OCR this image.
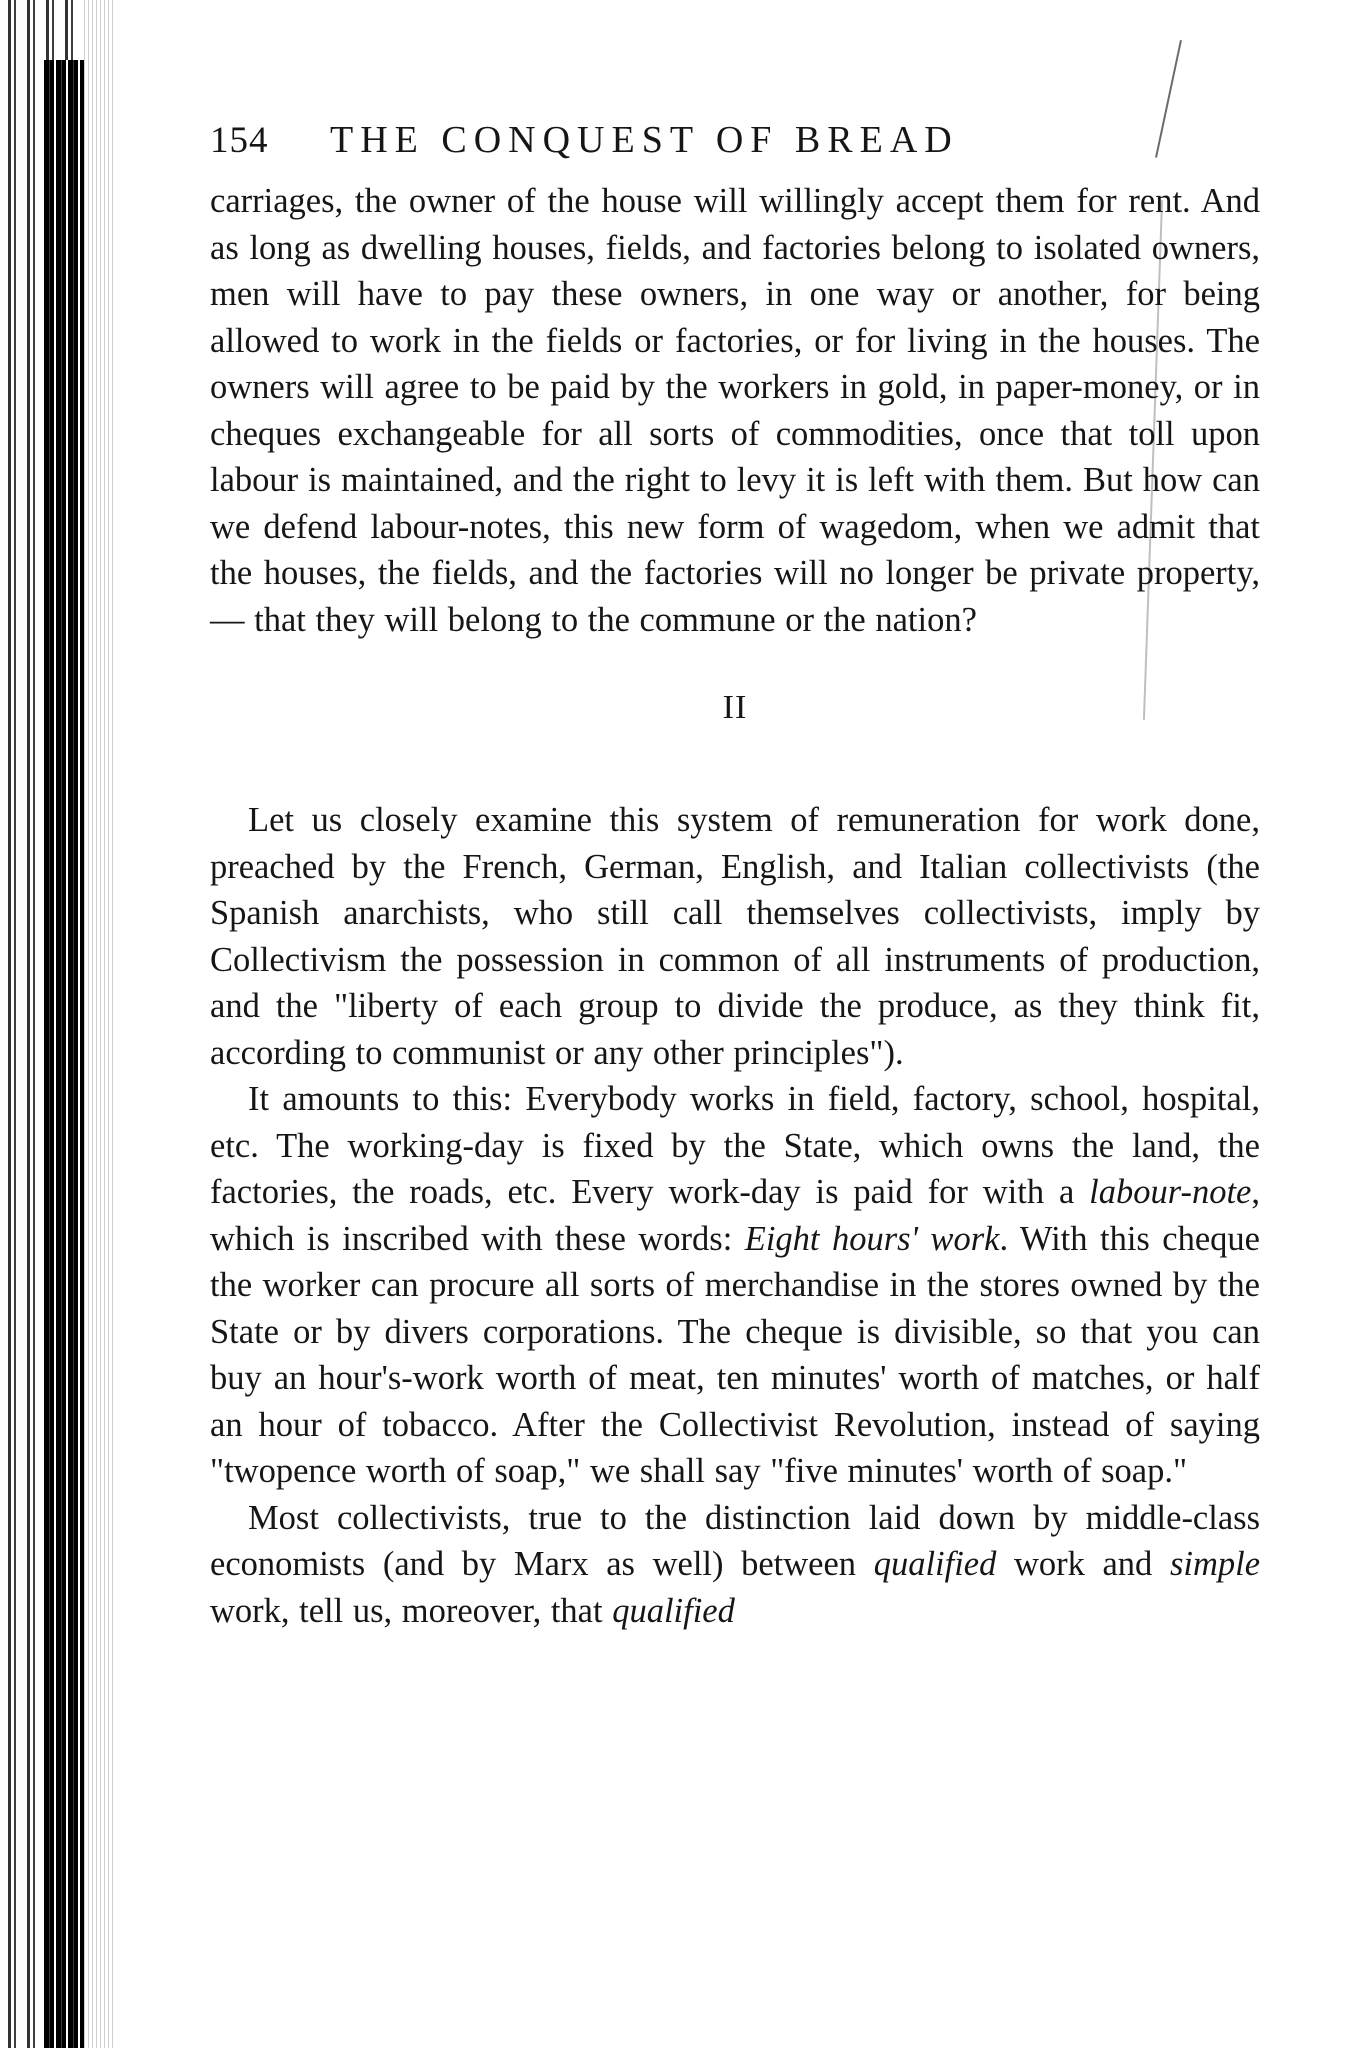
154	THE CONQUEST OF BREAD

carriages, the owner of the house will willingly accept them for rent. And as long as dwelling houses, fields, and factories belong to isolated owners, men will have to pay these owners, in one way or another, for being allowed to work in the fields or factories, or for living in the houses. The owners will agree to be paid by the workers in gold, in paper-money, or in cheques exchangeable for all sorts of commodities, once that toll upon labour is maintained, and the right to levy it is left with them. But how can we defend labour-notes, this new form of wagedom, when we admit that the houses, the fields, and the factories will no longer be private property,— that they will belong to the commune or the nation?

II

Let us closely examine this system of remuneration for work done, preached by the French, German, English, and Italian collectivists (the Spanish anarchists, who still call themselves collectivists, imply by Collectivism the possession in common of all instruments of production, and the "liberty of each group to divide the produce, as they think fit, according to communist or any other principles").

It amounts to this: Everybody works in field, factory, school, hospital, etc. The working-day is fixed by the State, which owns the land, the factories, the roads, etc. Every work-day is paid for with a labour-note, which is inscribed with these words: Eight hours' work. With this cheque the worker can procure all sorts of merchandise in the stores owned by the State or by divers corporations. The cheque is divisible, so that you can buy an hour's-work worth of meat, ten minutes' worth of matches, or half an hour of tobacco. After the Collectivist Revolution, instead of saying "twopence worth of soap," we shall say "five minutes' worth of soap."

Most collectivists, true to the distinction laid down by middle-class economists (and by Marx as well) between qualified work and simple work, tell us, moreover, that qualified
